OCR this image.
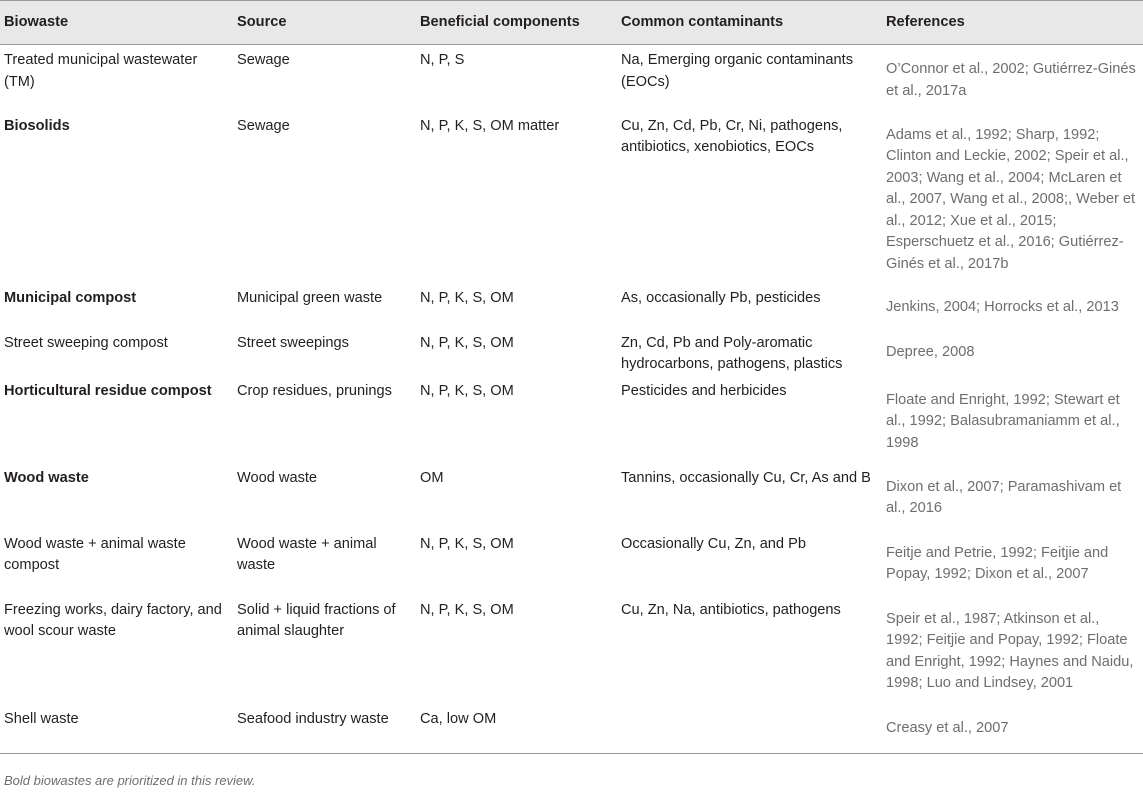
Biowaste	Source	Beneficial components	Common contaminants	References
Treated municipal wastewater (TM)	Sewage	N, P, S	Na, Emerging organic contaminants (EOCs)	O’Connor et al., 2002; Gutiérrez-Ginés et al., 2017a
Biosolids	Sewage	N, P, K, S, OM matter	Cu, Zn, Cd, Pb, Cr, Ni, pathogens, antibiotics, xenobiotics, EOCs	Adams et al., 1992; Sharp, 1992; Clinton and Leckie, 2002; Speir et al., 2003; Wang et al., 2004; McLaren et al., 2007, Wang et al., 2008;, Weber et al., 2012; Xue et al., 2015; Esperschuetz et al., 2016; Gutiérrez-Ginés et al., 2017b
Municipal compost	Municipal green waste	N, P, K, S, OM	As, occasionally Pb, pesticides	Jenkins, 2004; Horrocks et al., 2013
Street sweeping compost	Street sweepings	N, P, K, S, OM	Zn, Cd, Pb and Poly-aromatic hydrocarbons, pathogens, plastics	Depree, 2008
Horticultural residue compost	Crop residues, prunings	N, P, K, S, OM	Pesticides and herbicides	Floate and Enright, 1992; Stewart et al., 1992; Balasubramaniamm et al., 1998
Wood waste	Wood waste	OM	Tannins, occasionally Cu, Cr, As and B	Dixon et al., 2007; Paramashivam et al., 2016
Wood waste + animal waste compost	Wood waste + animal waste	N, P, K, S, OM	Occasionally Cu, Zn, and Pb	Feitje and Petrie, 1992; Feitjie and Popay, 1992; Dixon et al., 2007
Freezing works, dairy factory, and wool scour waste	Solid + liquid fractions of animal slaughter	N, P, K, S, OM	Cu, Zn, Na, antibiotics, pathogens	Speir et al., 1987; Atkinson et al., 1992; Feitjie and Popay, 1992; Floate and Enright, 1992; Haynes and Naidu, 1998; Luo and Lindsey, 2001
Shell waste	Seafood industry waste	Ca, low OM		Creasy et al., 2007
Bold biowastes are prioritized in this review.
